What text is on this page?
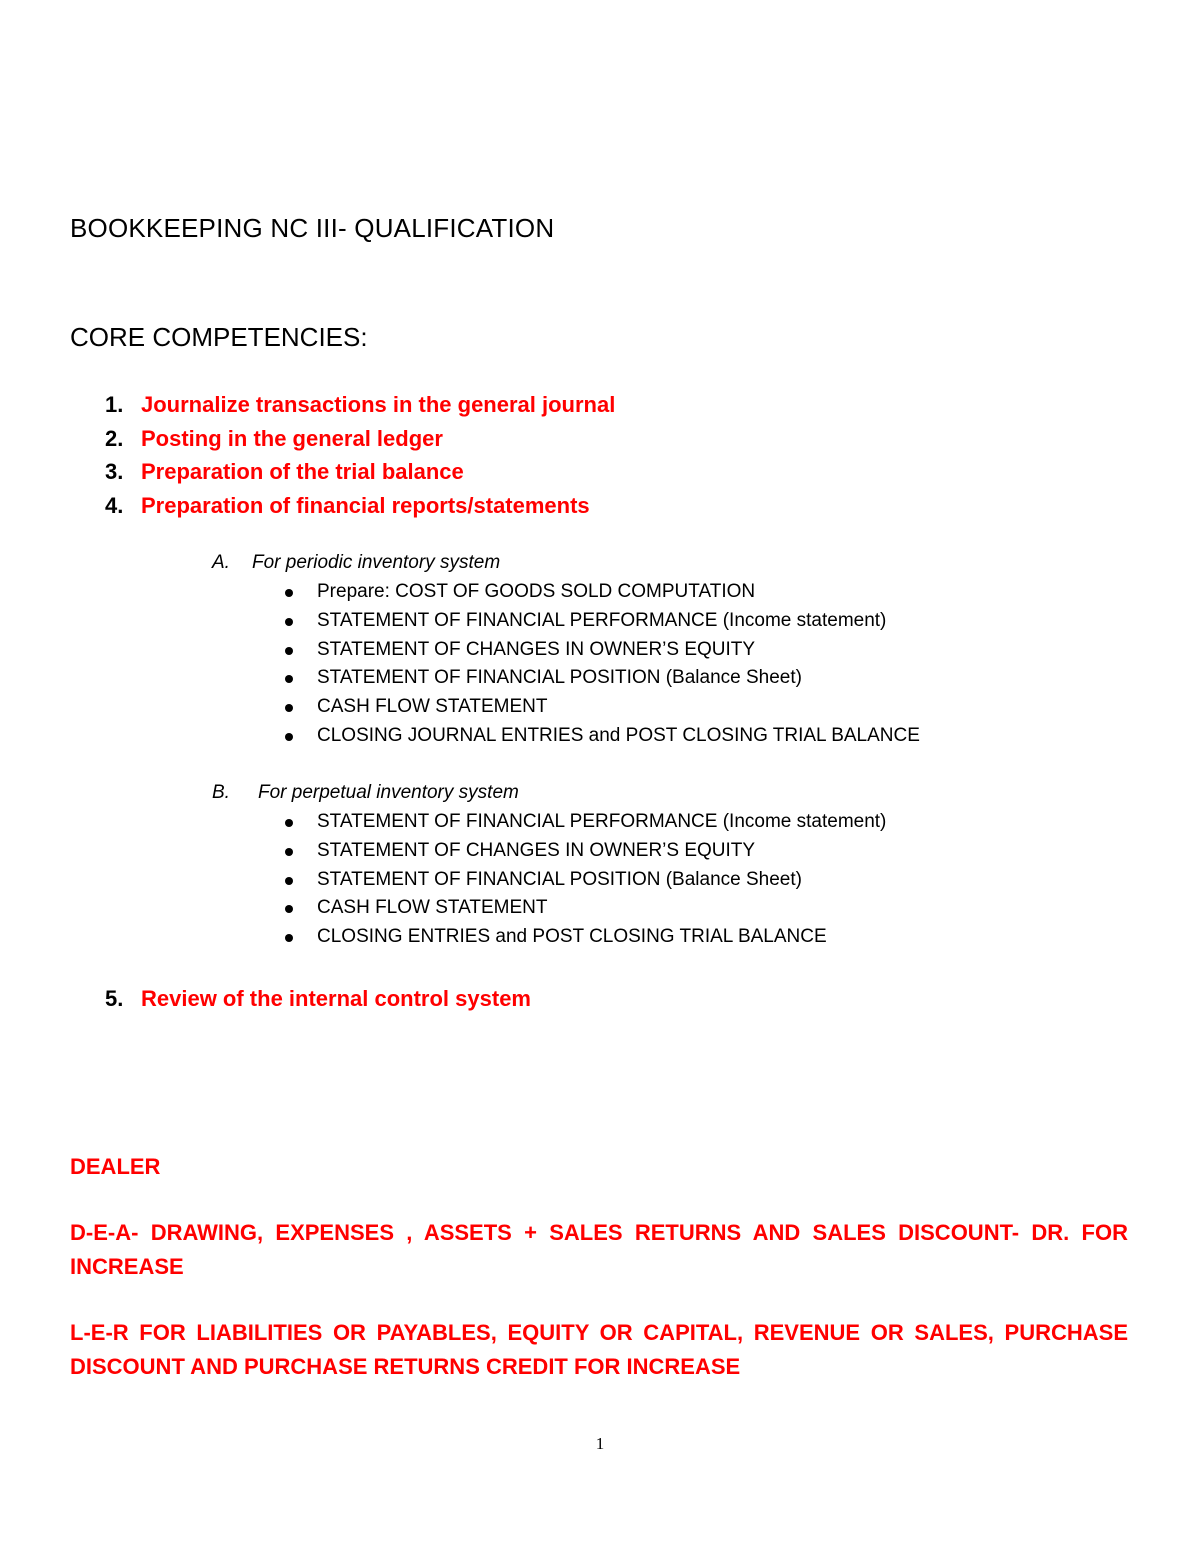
BOOKKEEPING NC III- QUALIFICATION
CORE COMPETENCIES:
1. Journalize transactions in the general journal
2. Posting in the general ledger
3. Preparation of the trial balance
4. Preparation of financial reports/statements
A. For periodic inventory system
Prepare: COST OF GOODS SOLD COMPUTATION
STATEMENT OF FINANCIAL PERFORMANCE (Income statement)
STATEMENT OF CHANGES IN OWNER’S EQUITY
STATEMENT OF FINANCIAL POSITION (Balance Sheet)
CASH FLOW STATEMENT
CLOSING JOURNAL ENTRIES and POST CLOSING TRIAL BALANCE
B. For perpetual inventory system
STATEMENT OF FINANCIAL PERFORMANCE (Income statement)
STATEMENT OF CHANGES IN OWNER’S EQUITY
STATEMENT OF FINANCIAL POSITION (Balance Sheet)
CASH FLOW STATEMENT
CLOSING ENTRIES and POST CLOSING TRIAL BALANCE
5. Review of the internal control system
DEALER
D-E-A- DRAWING, EXPENSES , ASSETS + SALES RETURNS AND SALES DISCOUNT- DR. FOR INCREASE
L-E-R FOR LIABILITIES OR PAYABLES, EQUITY OR CAPITAL, REVENUE OR SALES, PURCHASE DISCOUNT AND PURCHASE RETURNS CREDIT FOR INCREASE
1
